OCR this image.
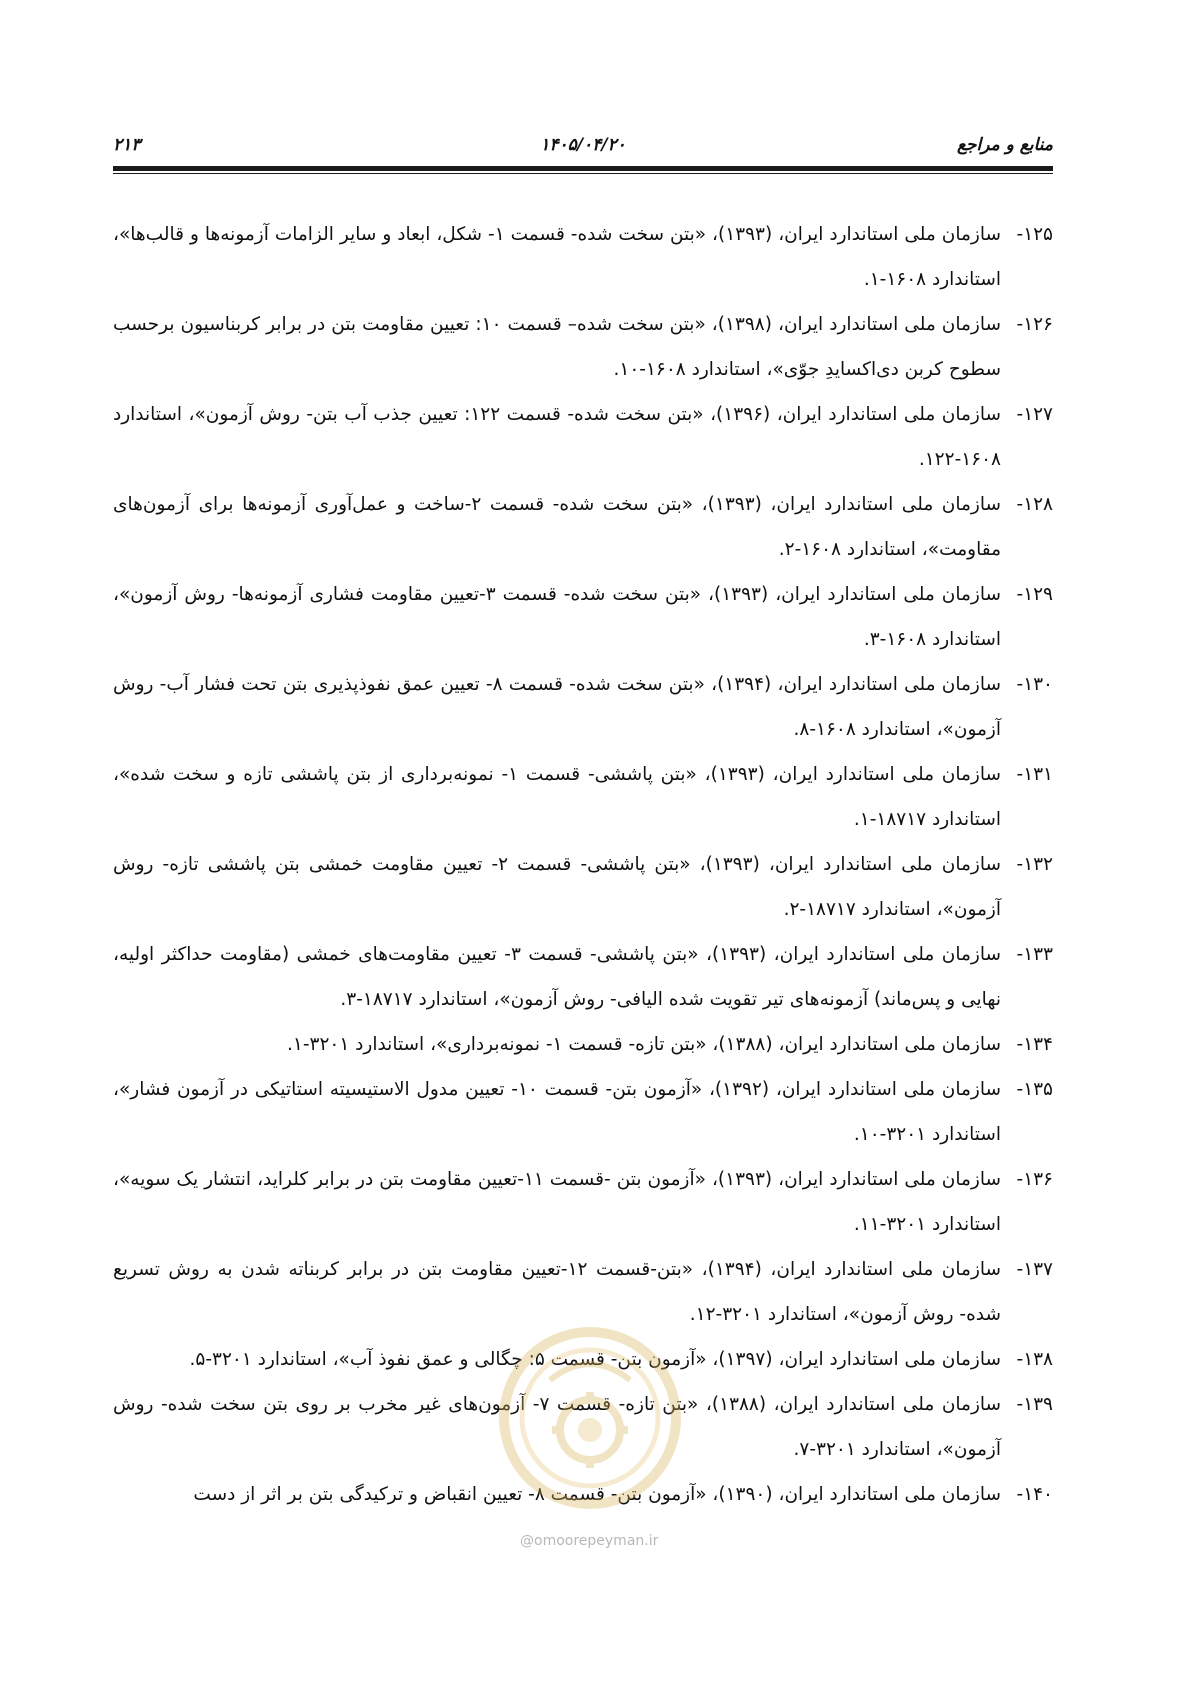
منابع و مراجع
۱۴۰۵/۰۴/۲۰
۲۱۳
۱۲۵-
سازمان ملی استاندارد ایران، (۱۳۹۳)، «بتن سخت شده- قسمت ۱- شکل، ابعاد و سایر الزامات آزمونه‌ها و قالب‌ها»، استاندارد ۱۶۰۸-۱.
۱۲۶-
سازمان ملی استاندارد ایران، (۱۳۹۸)، «بتن سخت شده– قسمت ۱۰: تعیین مقاومت بتن در برابر کربناسیون برحسب سطوح کربن دی‌اکسایدِ جوّی»، استاندارد ۱۶۰۸-۱۰.
۱۲۷-
سازمان ملی استاندارد ایران، (۱۳۹۶)، «بتن سخت شده- قسمت ۱۲۲: تعیین جذب آب بتن- روش آزمون»، استاندارد ۱۶۰۸-۱۲۲.
۱۲۸-
سازمان ملی استاندارد ایران، (۱۳۹۳)، «بتن سخت شده- قسمت ۲-ساخت و عمل‌آوری آزمونه‌ها برای آزمون‌های مقاومت»، استاندارد ۱۶۰۸-۲.
۱۲۹-
سازمان ملی استاندارد ایران، (۱۳۹۳)، «بتن سخت شده- قسمت ۳-تعیین مقاومت فشاری آزمونه‌ها- روش آزمون»، استاندارد ۱۶۰۸-۳.
۱۳۰-
سازمان ملی استاندارد ایران، (۱۳۹۴)، «بتن سخت شده- قسمت ۸- تعیین عمق نفوذپذیری بتن تحت فشار آب- روش آزمون»، استاندارد ۱۶۰۸-۸.
۱۳۱-
سازمان ملی استاندارد ایران، (۱۳۹۳)، «بتن پاششی- قسمت ۱- نمونه‌برداری از بتن پاششی تازه و سخت شده»، استاندارد ۱۸۷۱۷-۱.
۱۳۲-
سازمان ملی استاندارد ایران، (۱۳۹۳)، «بتن پاششی- قسمت ۲- تعیین مقاومت خمشی بتن پاششی تازه- روش آزمون»، استاندارد ۱۸۷۱۷-۲.
۱۳۳-
سازمان ملی استاندارد ایران، (۱۳۹۳)، «بتن پاششی- قسمت ۳- تعیین مقاومت‌های خمشی (مقاومت حداکثر اولیه، نهایی و پس‌ماند) آزمونه‌های تیر تقویت شده الیافی- روش آزمون»، استاندارد ۱۸۷۱۷-۳.
۱۳۴-
سازمان ملی استاندارد ایران، (۱۳۸۸)، «بتن تازه- قسمت ۱- نمونه‌برداری»، استاندارد ۳۲۰۱-۱.
۱۳۵-
سازمان ملی استاندارد ایران، (۱۳۹۲)، «آزمون بتن- قسمت ۱۰- تعیین مدول الاستیسیته استاتیکی در آزمون فشار»، استاندارد ۳۲۰۱-۱۰.
۱۳۶-
سازمان ملی استاندارد ایران، (۱۳۹۳)، «آزمون بتن -قسمت ۱۱-تعیین مقاومت بتن در برابر کلراید، انتشار یک سویه»، استاندارد ۳۲۰۱-۱۱.
۱۳۷-
سازمان ملی استاندارد ایران، (۱۳۹۴)، «بتن-قسمت ۱۲-تعیین مقاومت بتن در برابر کربناته شدن به روش تسریع شده- روش آزمون»، استاندارد ۳۲۰۱-۱۲.
۱۳۸-
سازمان ملی استاندارد ایران، (۱۳۹۷)، «آزمون بتن- قسمت ۵: چگالی و عمق نفوذ آب»، استاندارد ۳۲۰۱-۵.
۱۳۹-
سازمان ملی استاندارد ایران، (۱۳۸۸)، «بتن تازه- قسمت ۷- آزمون‌های غیر مخرب بر روی بتن سخت شده- روش آزمون»، استاندارد ۳۲۰۱-۷.
۱۴۰-
سازمان ملی استاندارد ایران، (۱۳۹۰)، «آزمون بتن- قسمت ۸- تعیین انقباض و ترکیدگی بتن بر اثر از دست
@omoorepeyman.ir
